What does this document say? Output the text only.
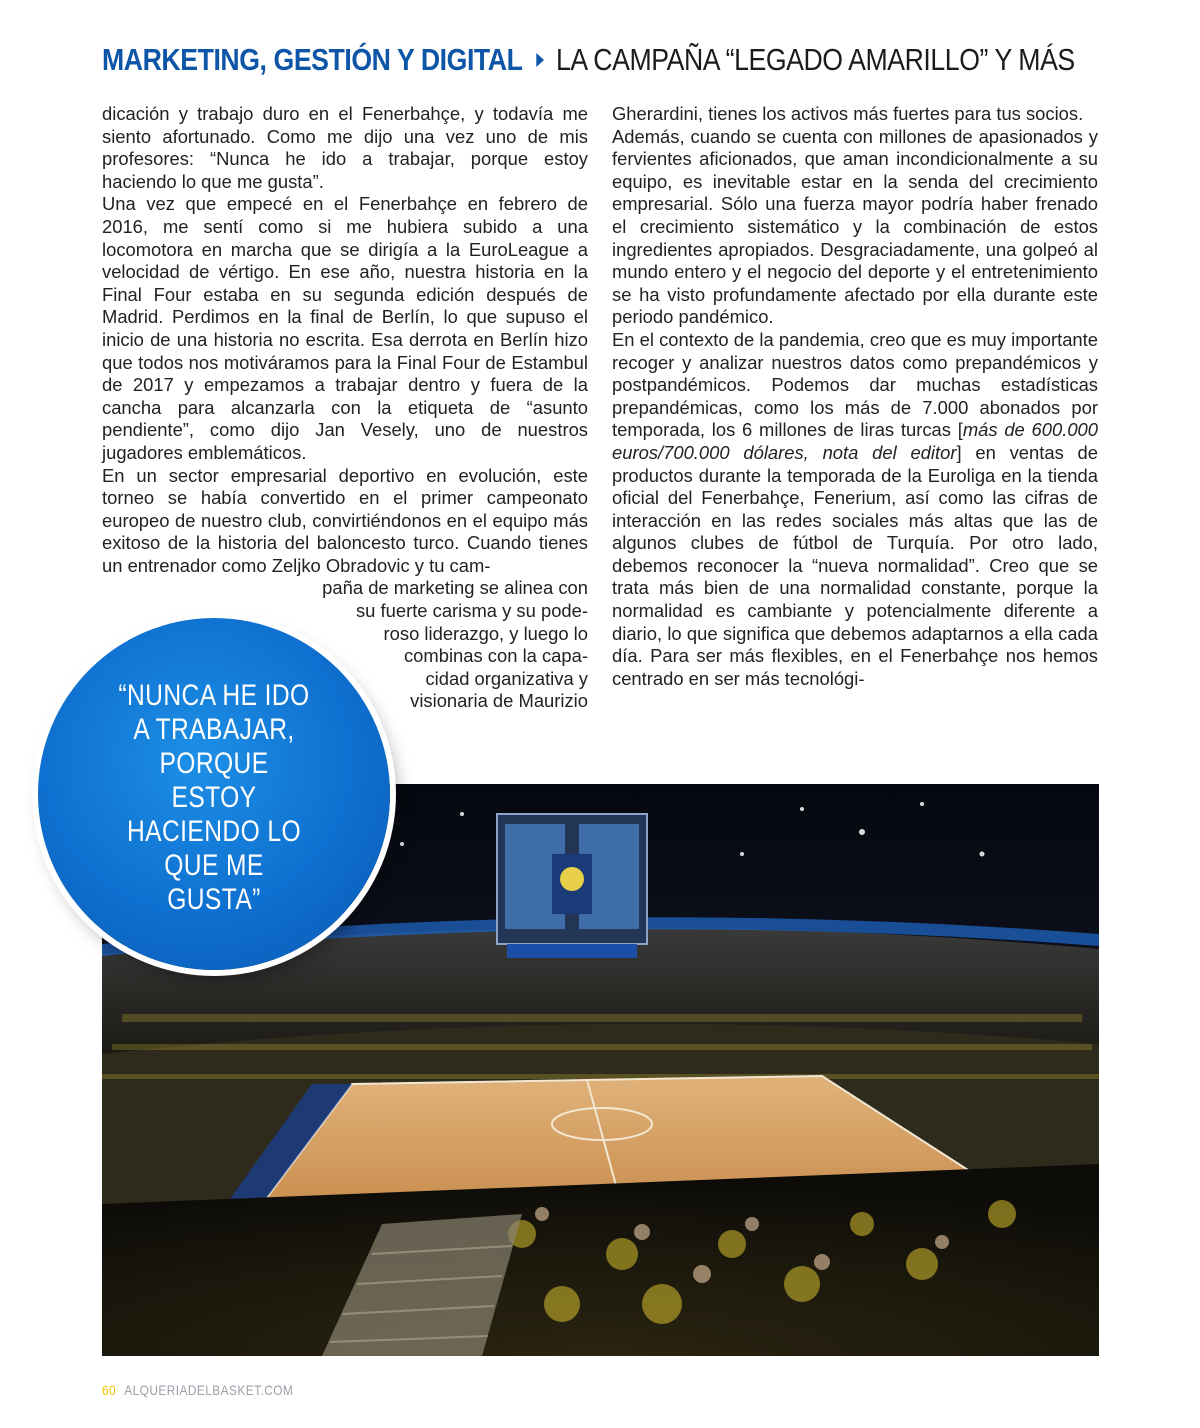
MARKETING, GESTIÓN Y DIGITAL LA CAMPAÑA “LEGADO AMARILLO” Y MÁS

dicación y trabajo duro en el Fenerbahçe, y todavía me siento afortunado. Como me dijo una vez uno de mis profesores: “Nunca he ido a trabajar, porque estoy haciendo lo que me gusta”.

Una vez que empecé en el Fenerbahçe en febrero de 2016, me sentí como si me hubiera subido a una locomotora en marcha que se dirigía a la EuroLeague a velocidad de vértigo. En ese año, nuestra historia en la Final Four estaba en su segunda edición después de Madrid. Perdimos en la final de Berlín, lo que supuso el inicio de una historia no escrita. Esa derrota en Berlín hizo que todos nos motiváramos para la Final Four de Estambul de 2017 y empezamos a trabajar dentro y fuera de la cancha para alcanzarla con la etiqueta de “asunto pendiente”, como dijo Jan Vesely, uno de nuestros jugadores emblemáticos.

En un sector empresarial deportivo en evolución, este torneo se había convertido en el primer campeonato europeo de nuestro club, convirtiéndonos en el equipo más exitoso de la historia del baloncesto turco. Cuando tienes un entrenador como Zeljko Obradovic y tu cam-

paña de marketing se alinea con

su fuerte carisma y su pode-

roso liderazgo, y luego lo

combinas con la capa-

cidad organizativa y

visionaria de Maurizio

Gherardini, tienes los activos más fuertes para tus socios.

Además, cuando se cuenta con millones de apasionados y fervientes aficionados, que aman incondicionalmente a su equipo, es inevitable estar en la senda del crecimiento empresarial. Sólo una fuerza mayor podría haber frenado el crecimiento sistemático y la combinación de estos ingredientes apropiados. Desgraciadamente, una golpeó al mundo entero y el negocio del deporte y el entretenimiento se ha visto profundamente afectado por ella durante este periodo pandémico.

En el contexto de la pandemia, creo que es muy importante recoger y analizar nuestros datos como prepandémicos y postpandémicos. Podemos dar muchas estadísticas prepandémicas, como los más de 7.000 abonados por temporada, los 6 millones de liras turcas [más de 600.000 euros/700.000 dólares, nota del editor] en ventas de productos durante la temporada de la Euroliga en la tienda oficial del Fenerbahçe, Fenerium, así como las cifras de interacción en las redes sociales más altas que las de algunos clubes de fútbol de Turquía. Por otro lado, debemos reconocer la “nueva normalidad”. Creo que se trata más bien de una normalidad constante, porque la normalidad es cambiante y potencialmente diferente a diario, lo que significa que debemos adaptarnos a ella cada día. Para ser más flexibles, en el Fenerbahçe nos hemos centrado en ser más tecnológi-

“NUNCA HE IDO A TRABAJAR, PORQUE ESTOY HACIENDO LO QUE ME GUSTA”
60 ALQUERIADELBASKET.COM
